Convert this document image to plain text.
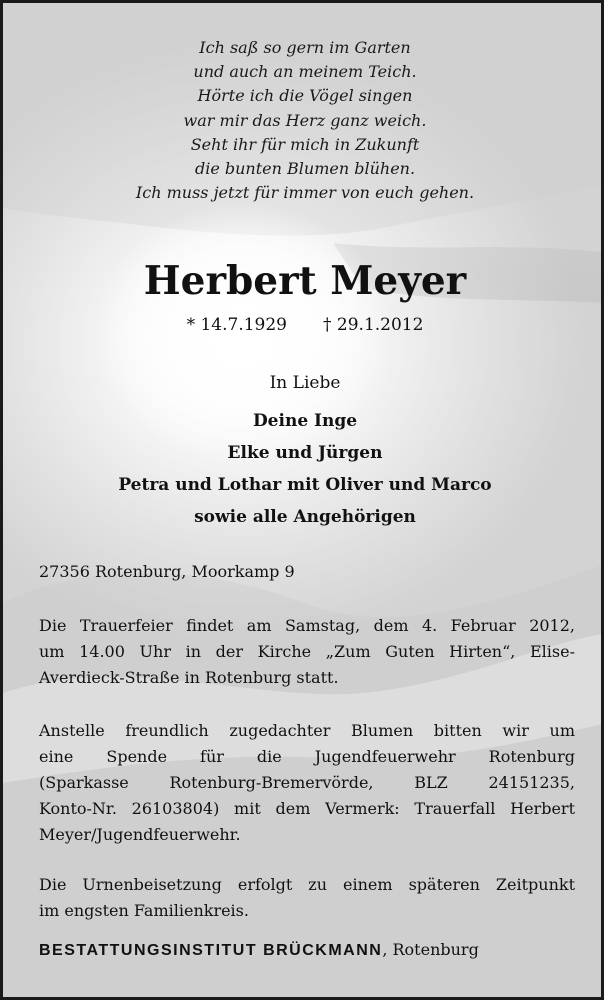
Ich saß so gern im Garten
und auch an meinem Teich.
Hörte ich die Vögel singen
war mir das Herz ganz weich.
Seht ihr für mich in Zukunft
die bunten Blumen blühen.
Ich muss jetzt für immer von euch gehen.
Herbert Meyer
* 14.7.1929 † 29.1.2012
In Liebe
Deine Inge
Elke und Jürgen
Petra und Lothar mit Oliver und Marco
sowie alle Angehörigen
27356 Rotenburg, Moorkamp 9
Die Trauerfeier findet am Samstag, dem 4. Februar 2012,
um 14.00 Uhr in der Kirche „Zum Guten Hirten“, Elise-
Averdieck-Straße in Rotenburg statt.
Anstelle freundlich zugedachter Blumen bitten wir um
eine Spende für die Jugendfeuerwehr Rotenburg
(Sparkasse Rotenburg-Bremervörde, BLZ 24151235,
Konto-Nr. 26103804) mit dem Vermerk: Trauerfall Herbert
Meyer/Jugendfeuerwehr.
Die Urnenbeisetzung erfolgt zu einem späteren Zeitpunkt
im engsten Familienkreis.
BESTATTUNGSINSTITUT BRÜCKMANN, Rotenburg
